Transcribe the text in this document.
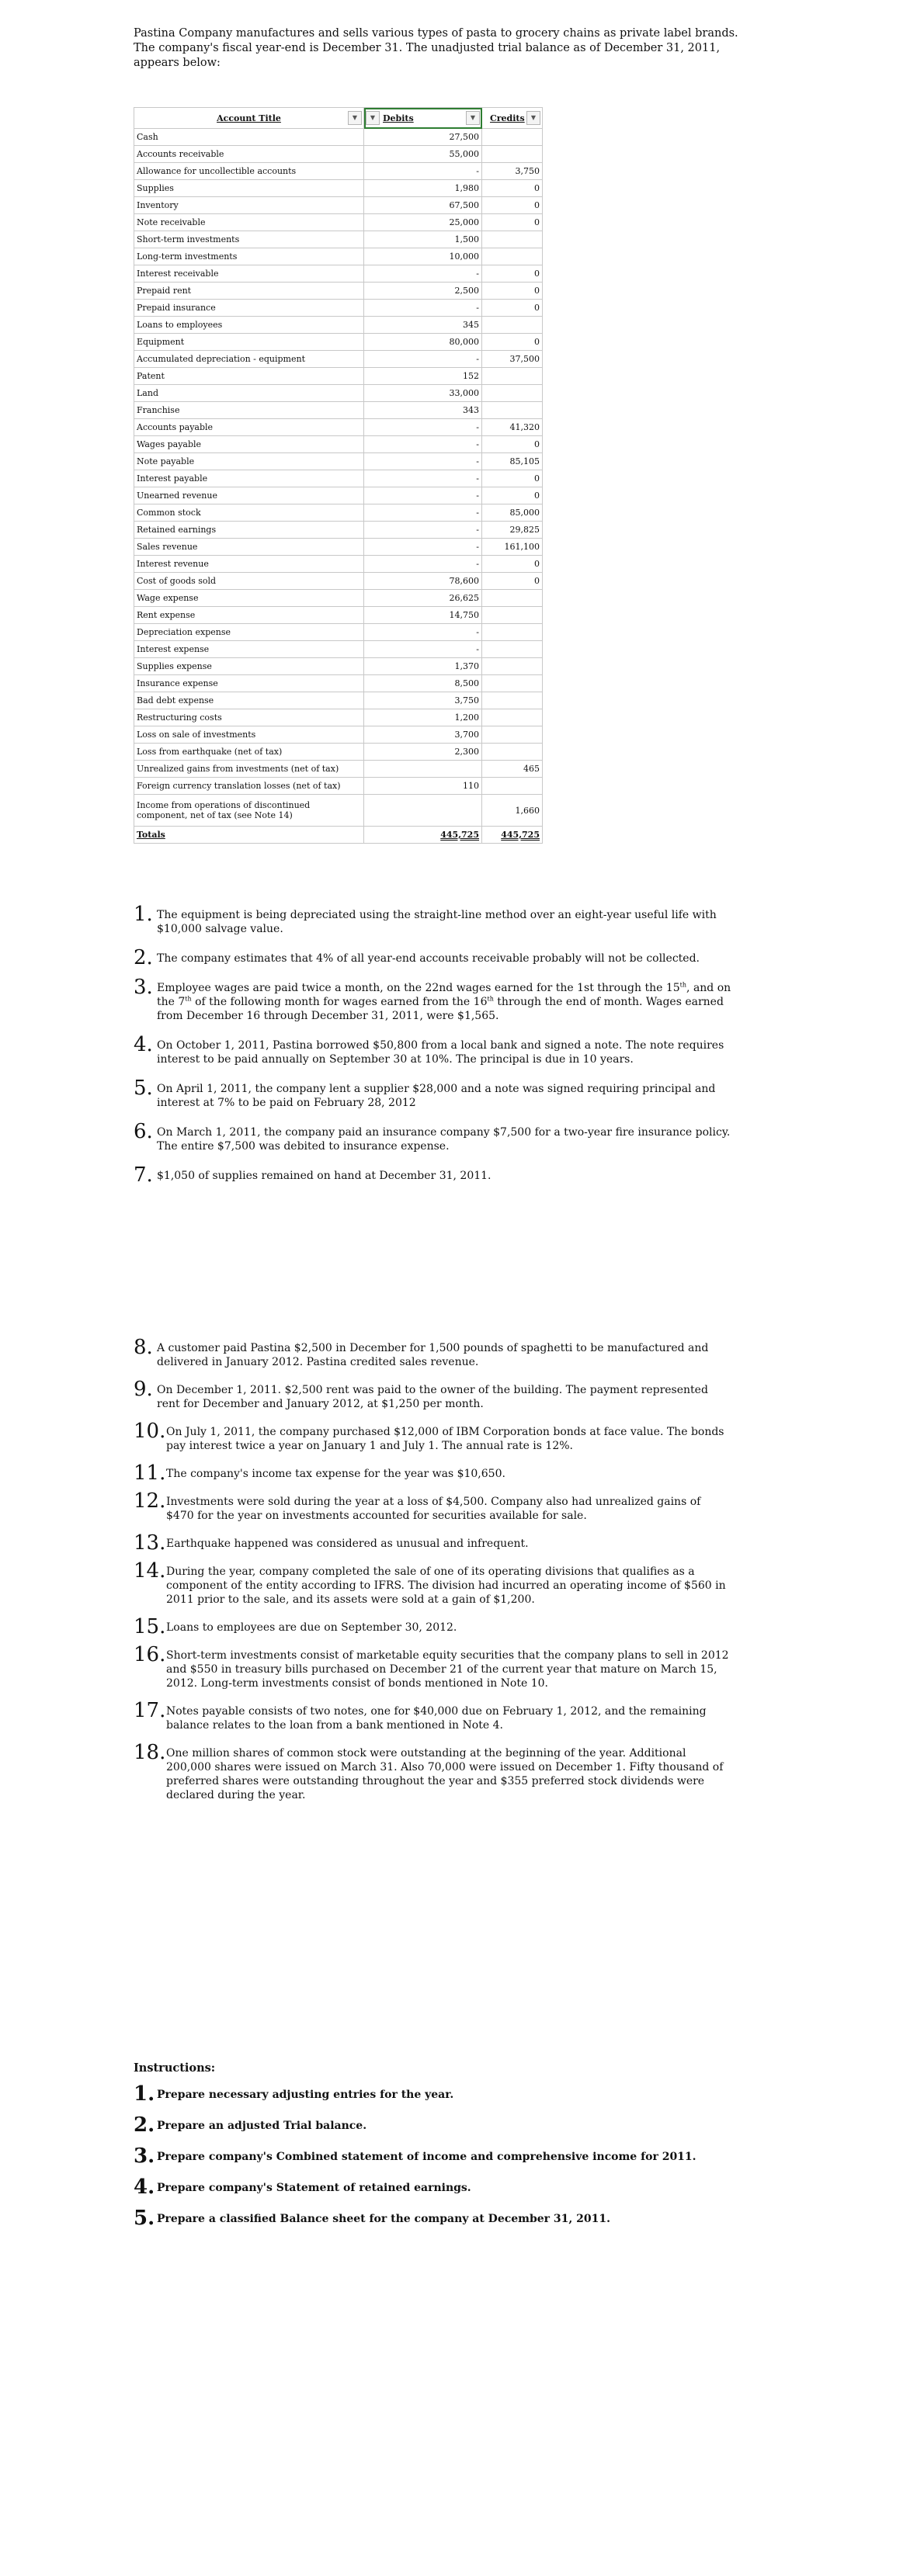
Pastina Company manufactures and sells various types of pasta to grocery chains as private label brands. The company's fiscal year-end is December 31. The unadjusted trial balance as of December 31, 2011, appears below:
Account Title ▼	▼ Debits ▼	Credits ▼

Cash	27,500	
Accounts receivable	55,000	
Allowance for uncollectible accounts	-	3,750
Supplies	1,980	0
Inventory	67,500	0
Note receivable	25,000	0
Short-term investments	1,500	
Long-term investments	10,000	
Interest receivable	-	0
Prepaid rent	2,500	0
Prepaid insurance	-	0
Loans to employees	345	
Equipment	80,000	0
Accumulated depreciation - equipment	-	37,500
Patent	152	
Land	33,000	
Franchise	343	
Accounts payable	-	41,320
Wages payable	-	0
Note payable	-	85,105
Interest payable	-	0
Unearned revenue	-	0
Common stock	-	85,000
Retained earnings	-	29,825
Sales revenue	-	161,100
Interest revenue	-	0
Cost of goods sold	78,600	0
Wage expense	26,625	
Rent expense	14,750	
Depreciation expense	-	
Interest expense	-	
Supplies expense	1,370	
Insurance expense	8,500	
Bad debt expense	3,750	
Restructuring costs	1,200	
Loss on sale of investments	3,700	
Loss from earthquake (net of tax)	2,300	
Unrealized gains from investments (net of tax)		465
Foreign currency translation losses (net of tax)	110	
Income from operations of discontinued component, net of tax (see Note 14)		1,660
Totals	445,725	445,725
1. The equipment is being depreciated using the straight-line method over an eight-year useful life with $10,000 salvage value.
2. The company estimates that 4% of all year-end accounts receivable probably will not be collected.
3. Employee wages are paid twice a month, on the 22nd wages earned for the 1st through the 15th, and on the 7th of the following month for wages earned from the 16th through the end of month. Wages earned from December 16 through December 31, 2011, were $1,565.
4. On October 1, 2011, Pastina borrowed $50,800 from a local bank and signed a note. The note requires interest to be paid annually on September 30 at 10%. The principal is due in 10 years.
5. On April 1, 2011, the company lent a supplier $28,000 and a note was signed requiring principal and interest at 7% to be paid on February 28, 2012
6. On March 1, 2011, the company paid an insurance company $7,500 for a two-year fire insurance policy. The entire $7,500 was debited to insurance expense.
7. $1,050 of supplies remained on hand at December 31, 2011.
8. A customer paid Pastina $2,500 in December for 1,500 pounds of spaghetti to be manufactured and delivered in January 2012. Pastina credited sales revenue.
9. On December 1, 2011. $2,500 rent was paid to the owner of the building. The payment represented rent for December and January 2012, at $1,250 per month.
10. On July 1, 2011, the company purchased $12,000 of IBM Corporation bonds at face value. The bonds pay interest twice a year on January 1 and July 1. The annual rate is 12%.
11. The company's income tax expense for the year was $10,650.
12. Investments were sold during the year at a loss of $4,500. Company also had unrealized gains of $470 for the year on investments accounted for securities available for sale.
13. Earthquake happened was considered as unusual and infrequent.
14. During the year, company completed the sale of one of its operating divisions that qualifies as a component of the entity according to IFRS. The division had incurred an operating income of $560 in 2011 prior to the sale, and its assets were sold at a gain of $1,200.
15. Loans to employees are due on September 30, 2012.
16. Short-term investments consist of marketable equity securities that the company plans to sell in 2012 and $550 in treasury bills purchased on December 21 of the current year that mature on March 15, 2012. Long-term investments consist of bonds mentioned in Note 10.
17. Notes payable consists of two notes, one for $40,000 due on February 1, 2012, and the remaining balance relates to the loan from a bank mentioned in Note 4.
18. One million shares of common stock were outstanding at the beginning of the year. Additional 200,000 shares were issued on March 31. Also 70,000 were issued on December 1. Fifty thousand of preferred shares were outstanding throughout the year and $355 preferred stock dividends were declared during the year.
Instructions:
1. Prepare necessary adjusting entries for the year.
2. Prepare an adjusted Trial balance.
3. Prepare company's Combined statement of income and comprehensive income for 2011.
4. Prepare company's Statement of retained earnings.
5. Prepare a classified Balance sheet for the company at December 31, 2011.
